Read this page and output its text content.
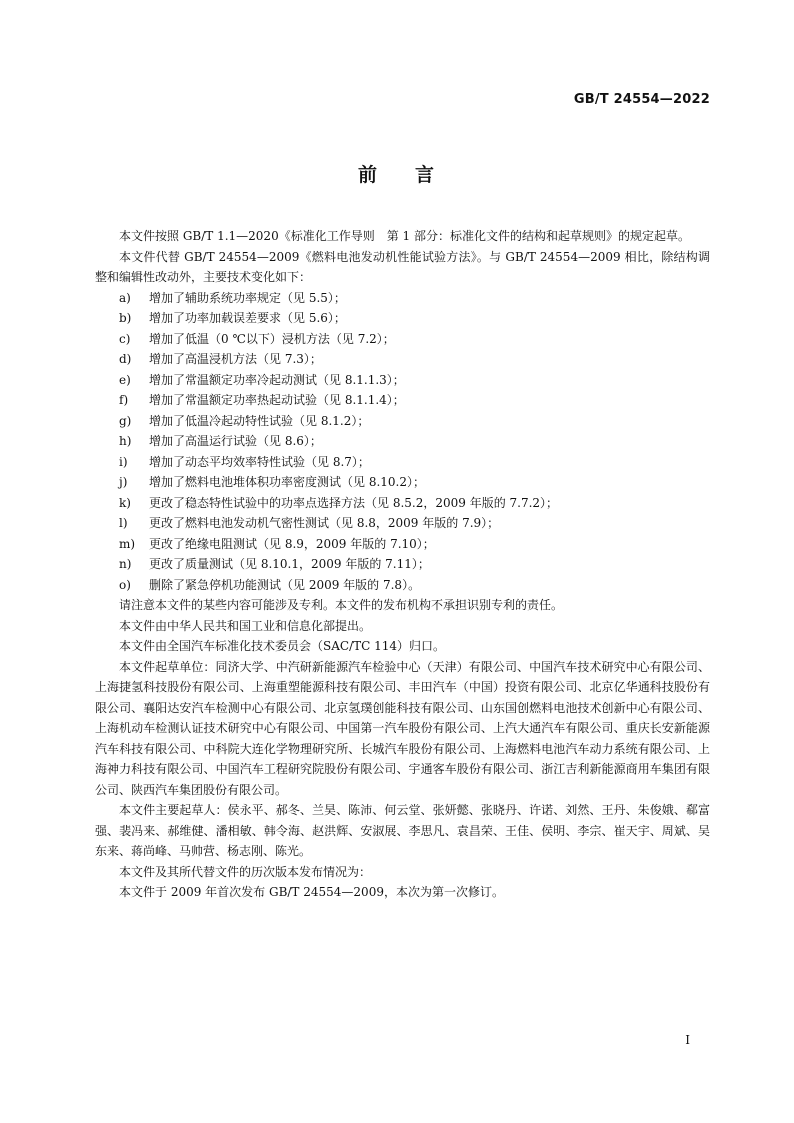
GB/T 24554—2022
前 言

本文件按照 GB/T 1.1—2020《标准化工作导则　第 1 部分：标准化文件的结构和起草规则》的规定起草。

本文件代替 GB/T 24554—2009《燃料电池发动机性能试验方法》。与 GB/T 24554—2009 相比，除结构调整和编辑性改动外，主要技术变化如下：

a) 增加了辅助系统功率规定（见 5.5）；
b) 增加了功率加载误差要求（见 5.6）；
c) 增加了低温（0 ℃以下）浸机方法（见 7.2）；
d) 增加了高温浸机方法（见 7.3）；
e) 增加了常温额定功率冷起动测试（见 8.1.1.3）；
f) 增加了常温额定功率热起动试验（见 8.1.1.4）；
g) 增加了低温冷起动特性试验（见 8.1.2）；
h) 增加了高温运行试验（见 8.6）；
i) 增加了动态平均效率特性试验（见 8.7）；
j) 增加了燃料电池堆体积功率密度测试（见 8.10.2）；
k) 更改了稳态特性试验中的功率点选择方法（见 8.5.2，2009 年版的 7.7.2）；
l) 更改了燃料电池发动机气密性测试（见 8.8，2009 年版的 7.9）；
m) 更改了绝缘电阻测试（见 8.9，2009 年版的 7.10）；
n) 更改了质量测试（见 8.10.1，2009 年版的 7.11）；
o) 删除了紧急停机功能测试（见 2009 年版的 7.8）。

请注意本文件的某些内容可能涉及专利。本文件的发布机构不承担识别专利的责任。

本文件由中华人民共和国工业和信息化部提出。

本文件由全国汽车标准化技术委员会（SAC/TC 114）归口。

本文件起草单位：同济大学、中汽研新能源汽车检验中心（天津）有限公司、中国汽车技术研究中心有限公司、上海捷氢科技股份有限公司、上海重塑能源科技有限公司、丰田汽车（中国）投资有限公司、北京亿华通科技股份有限公司、襄阳达安汽车检测中心有限公司、北京氢璞创能科技有限公司、山东国创燃料电池技术创新中心有限公司、上海机动车检测认证技术研究中心有限公司、中国第一汽车股份有限公司、上汽大通汽车有限公司、重庆长安新能源汽车科技有限公司、中科院大连化学物理研究所、长城汽车股份有限公司、上海燃料电池汽车动力系统有限公司、上海神力科技有限公司、中国汽车工程研究院股份有限公司、宇通客车股份有限公司、浙江吉利新能源商用车集团有限公司、陕西汽车集团股份有限公司。

本文件主要起草人：侯永平、郝冬、兰昊、陈沛、何云堂、张妍懿、张晓丹、许诺、刘然、王丹、朱俊娥、郗富强、裴冯来、郝维健、潘相敏、韩令海、赵洪辉、安淑展、李思凡、袁昌荣、王佳、侯明、李宗、崔天宇、周斌、吴东来、蒋尚峰、马帅营、杨志刚、陈光。

本文件及其所代替文件的历次版本发布情况为：

本文件于 2009 年首次发布 GB/T 24554—2009，本次为第一次修订。

I
